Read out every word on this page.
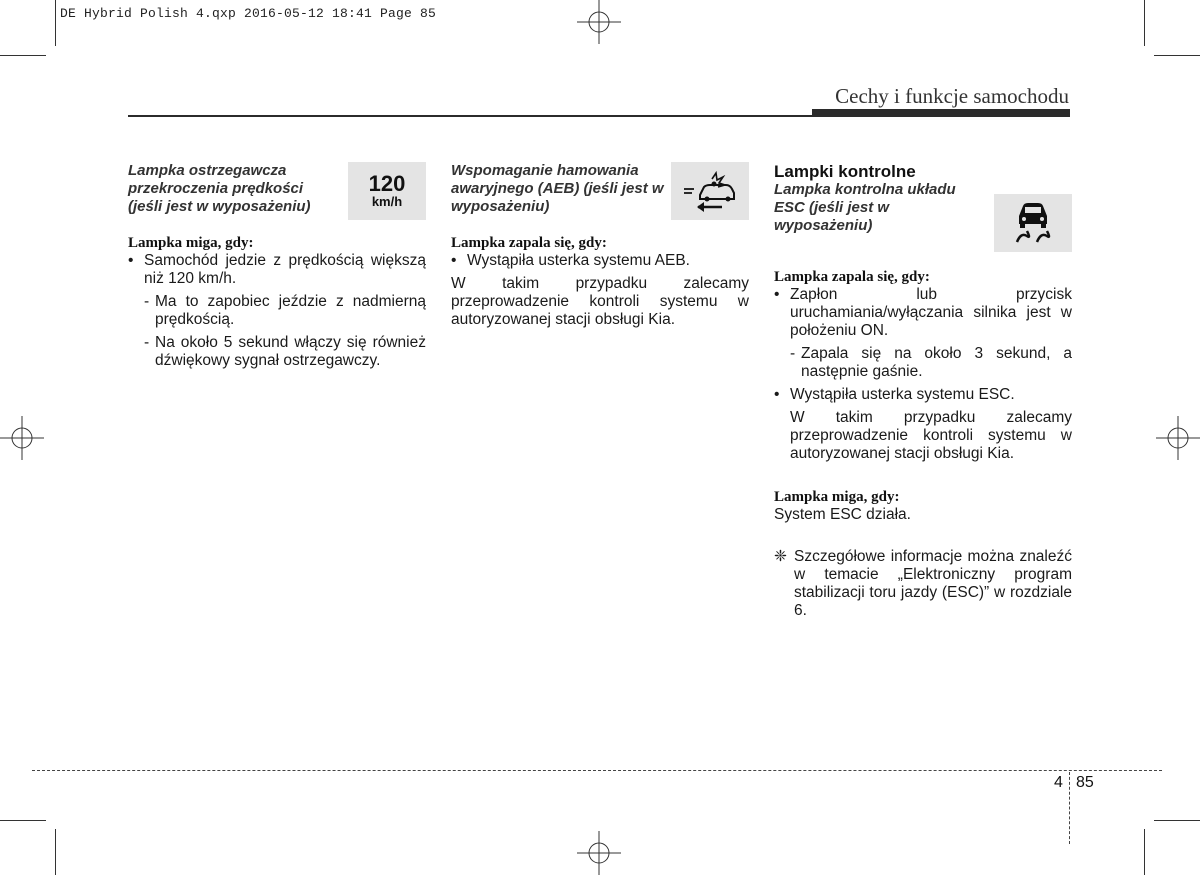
DE Hybrid Polish 4.qxp 2016-05-12 18:41 Page 85
Cechy i funkcje samochodu

Lampka ostrzegawcza przekroczenia prędkości (jeśli jest w wyposażeniu)

120
km/h

Lampka miga, gdy:

• Samochód jedzie z prędkością większą niż 120 km/h.

- Ma to zapobiec jeździe z nadmierną prędkością.

- Na około 5 sekund włączy się również dźwiękowy sygnał ostrzegawczy.

Wspomaganie hamowania awaryjnego (AEB) (jeśli jest w wyposażeniu)

Lampka zapala się, gdy:

• Wystąpiła usterka systemu AEB.

W takim przypadku zalecamy przeprowadzenie kontroli systemu w autoryzowanej stacji obsługi Kia.

Lampki kontrolne

Lampka kontrolna układu ESC (jeśli jest w wyposażeniu)

Lampka zapala się, gdy:

• Zapłon lub przycisk uruchamiania/wyłączania silnika jest w położeniu ON.

- Zapala się na około 3 sekund, a następnie gaśnie.

• Wystąpiła usterka systemu ESC.

W takim przypadku zalecamy przeprowadzenie kontroli systemu w autoryzowanej stacji obsługi Kia.

Lampka miga, gdy:

System ESC działa.

❈ Szczegółowe informacje można znaleźć w temacie „Elektroniczny program stabilizacji toru jazdy (ESC)” w rozdziale 6.

4 85
